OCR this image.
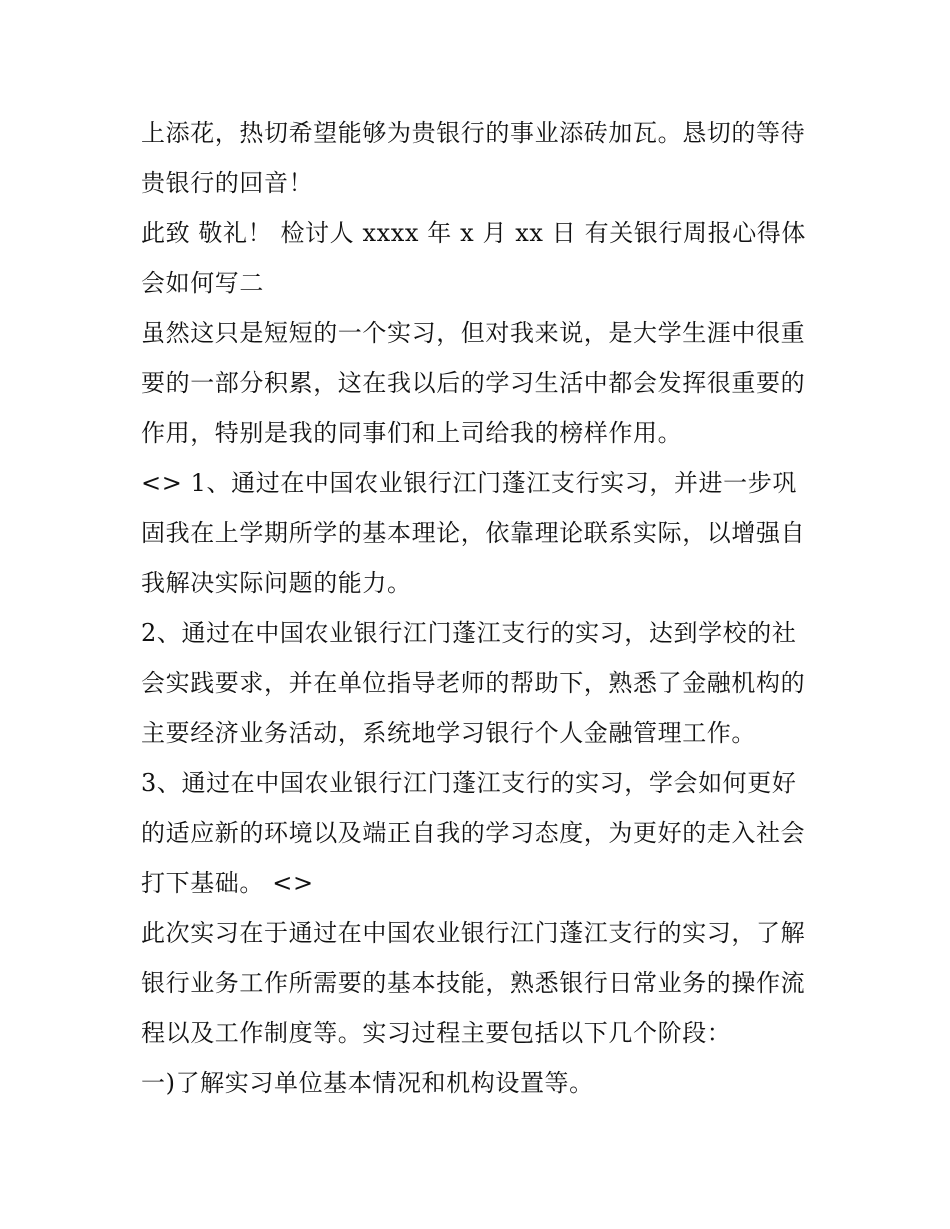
上添花，热切希望能够为贵银行的事业添砖加瓦。恳切的等待贵银行的回音！

此致 敬礼！ 检讨人 xxxx 年 x 月 xx 日 有关银行周报心得体会如何写二

虽然这只是短短的一个实习，但对我来说，是大学生涯中很重要的一部分积累，这在我以后的学习生活中都会发挥很重要的作用，特别是我的同事们和上司给我的榜样作用。

<> 1、通过在中国农业银行江门蓬江支行实习，并进一步巩固我在上学期所学的基本理论，依靠理论联系实际，以增强自我解决实际问题的能力。

2、通过在中国农业银行江门蓬江支行的实习，达到学校的社会实践要求，并在单位指导老师的帮助下，熟悉了金融机构的主要经济业务活动，系统地学习银行个人金融管理工作。

3、通过在中国农业银行江门蓬江支行的实习，学会如何更好的适应新的环境以及端正自我的学习态度，为更好的走入社会打下基础。 <>

此次实习在于通过在中国农业银行江门蓬江支行的实习，了解银行业务工作所需要的基本技能，熟悉银行日常业务的操作流程以及工作制度等。实习过程主要包括以下几个阶段：

一)了解实习单位基本情况和机构设置等。
